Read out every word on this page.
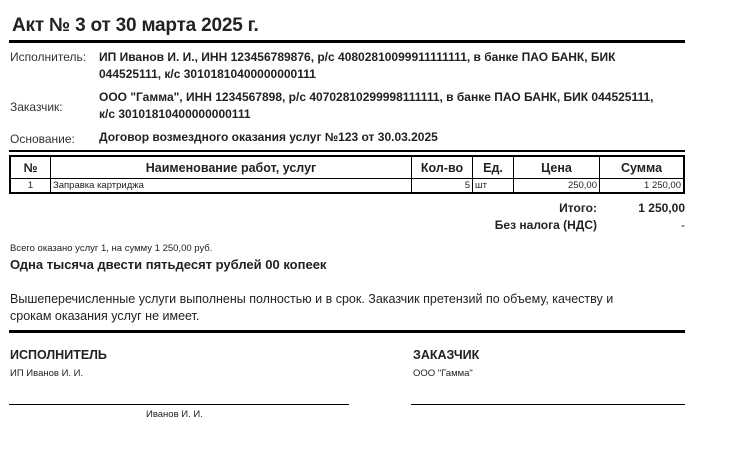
Акт № 3 от 30 марта 2025 г.
Исполнитель: ИП Иванов И. И., ИНН 123456789876, р/с 40802810099911111111, в банке ПАО БАНК, БИК 044525111, к/с 30101810400000000111
Заказчик:
ООО "Гамма", ИНН 1234567898, р/с 40702810299998111111, в банке ПАО БАНК, БИК 044525111, к/с 30101810400000000111
Основание: Договор возмездного оказания услуг №123 от 30.03.2025
№	Наименование работ, услуг	Кол-во	Ед.	Цена	Сумма
1	Заправка картриджа	5	шт	250,00	1 250,00
Итого:	1 250,00
Без налога (НДС)	-
Всего оказано услуг 1, на сумму 1 250,00 руб.
Одна тысяча двести пятьдесят рублей 00 копеек
Вышеперечисленные услуги выполнены полностью и в срок. Заказчик претензий по объему, качеству и срокам оказания услуг не имеет.
ИСПОЛНИТЕЛЬ
ИП Иванов И. И.
Иванов И. И.
ЗАКАЗЧИК
ООО "Гамма"
